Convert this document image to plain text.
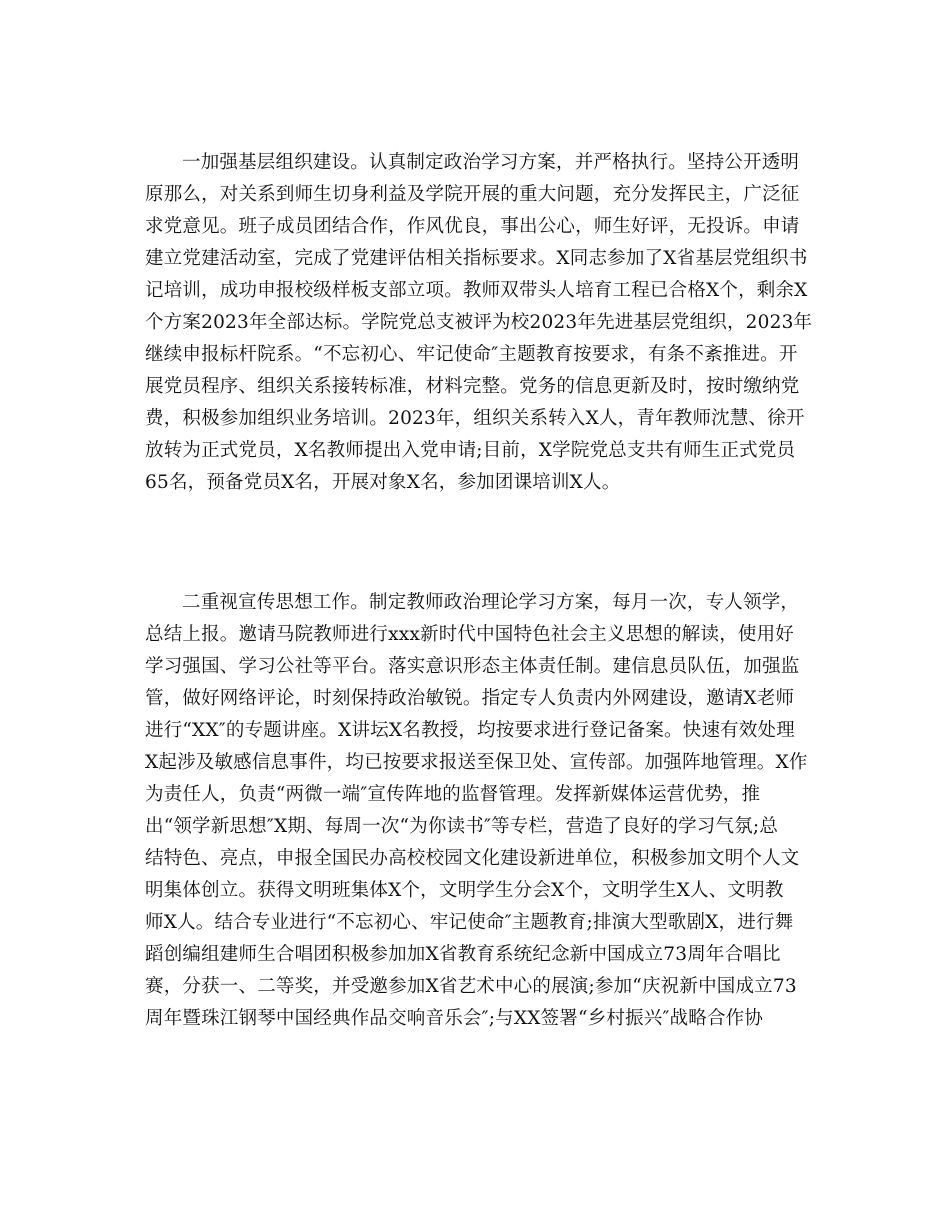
一加强基层组织建设。认真制定政治学习方案，并严格执行。坚持公开透明
原那么，对关系到师生切身利益及学院开展的重大问题，充分发挥民主，广泛征
求党意见。班子成员团结合作，作风优良，事出公心，师生好评，无投诉。申请
建立党建活动室，完成了党建评估相关指标要求。X同志参加了X省基层党组织书
记培训，成功申报校级样板支部立项。教师双带头人培育工程已合格X个，剩余X
个方案2023年全部达标。学院党总支被评为校2023年先进基层党组织，2023年
继续申报标杆院系。“不忘初心、牢记使命″主题教育按要求，有条不紊推进。开
展党员程序、组织关系接转标准，材料完整。党务的信息更新及时，按时缴纳党
费，积极参加组织业务培训。2023年，组织关系转入X人，青年教师沈慧、徐开
放转为正式党员，X名教师提出入党申请;目前，X学院党总支共有师生正式党员
65名，预备党员X名，开展对象X名，参加团课培训X人。
二重视宣传思想工作。制定教师政治理论学习方案，每月一次，专人领学，
总结上报。邀请马院教师进行xxx新时代中国特色社会主义思想的解读，使用好
学习强国、学习公社等平台。落实意识形态主体责任制。建信息员队伍，加强监
管，做好网络评论，时刻保持政治敏锐。指定专人负责内外网建设，邀请X老师
进行“XX″的专题讲座。X讲坛X名教授，均按要求进行登记备案。快速有效处理
X起涉及敏感信息事件，均已按要求报送至保卫处、宣传部。加强阵地管理。X作
为责任人，负责“两微一端″宣传阵地的监督管理。发挥新媒体运营优势，推
出“领学新思想″X期、每周一次“为你读书″等专栏，营造了良好的学习气氛;总
结特色、亮点，申报全国民办高校校园文化建设新进单位，积极参加文明个人文
明集体创立。获得文明班集体X个，文明学生分会X个，文明学生X人、文明教
师X人。结合专业进行“不忘初心、牢记使命″主题教育;排演大型歌剧X，进行舞
蹈创编组建师生合唱团积极参加加X省教育系统纪念新中国成立73周年合唱比
赛，分获一、二等奖，并受邀参加X省艺术中心的展演;参加“庆祝新中国成立73
周年暨珠江钢琴中国经典作品交响音乐会″;与XX签署“乡村振兴″战略合作协
